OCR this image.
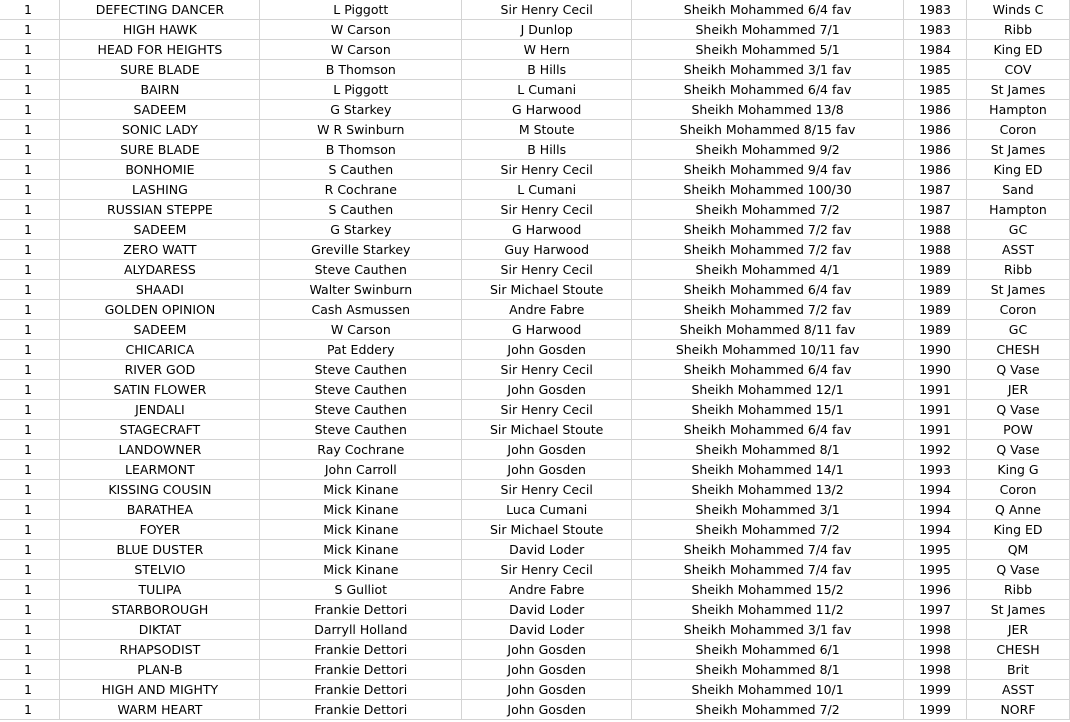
1	DEFECTING DANCER	L Piggott	Sir Henry Cecil	Sheikh Mohammed 6/4 fav	1983	Winds C
1	HIGH HAWK	W Carson	J Dunlop	Sheikh Mohammed 7/1	1983	Ribb
1	HEAD FOR HEIGHTS	W Carson	W Hern	Sheikh Mohammed 5/1	1984	King ED
1	SURE BLADE	B Thomson	B Hills	Sheikh Mohammed 3/1 fav	1985	COV
1	BAIRN	L Piggott	L Cumani	Sheikh Mohammed 6/4 fav	1985	St James
1	SADEEM	G Starkey	G Harwood	Sheikh Mohammed 13/8	1986	Hampton
1	SONIC LADY	W R Swinburn	M Stoute	Sheikh Mohammed 8/15 fav	1986	Coron
1	SURE BLADE	B Thomson	B Hills	Sheikh Mohammed 9/2	1986	St James
1	BONHOMIE	S Cauthen	Sir Henry Cecil	Sheikh Mohammed 9/4 fav	1986	King ED
1	LASHING	R Cochrane	L Cumani	Sheikh Mohammed 100/30	1987	Sand
1	RUSSIAN STEPPE	S Cauthen	Sir Henry Cecil	Sheikh Mohammed 7/2	1987	Hampton
1	SADEEM	G Starkey	G Harwood	Sheikh Mohammed 7/2 fav	1988	GC
1	ZERO WATT	Greville Starkey	Guy Harwood	Sheikh Mohammed 7/2 fav	1988	ASST
1	ALYDARESS	Steve Cauthen	Sir Henry Cecil	Sheikh Mohammed 4/1	1989	Ribb
1	SHAADI	Walter Swinburn	Sir Michael Stoute	Sheikh Mohammed 6/4 fav	1989	St James
1	GOLDEN OPINION	Cash Asmussen	Andre Fabre	Sheikh Mohammed 7/2 fav	1989	Coron
1	SADEEM	W Carson	G Harwood	Sheikh Mohammed 8/11 fav	1989	GC
1	CHICARICA	Pat Eddery	John Gosden	Sheikh Mohammed 10/11 fav	1990	CHESH
1	RIVER GOD	Steve Cauthen	Sir Henry Cecil	Sheikh Mohammed 6/4 fav	1990	Q Vase
1	SATIN FLOWER	Steve Cauthen	John Gosden	Sheikh Mohammed 12/1	1991	JER
1	JENDALI	Steve Cauthen	Sir Henry Cecil	Sheikh Mohammed 15/1	1991	Q Vase
1	STAGECRAFT	Steve Cauthen	Sir Michael Stoute	Sheikh Mohammed 6/4 fav	1991	POW
1	LANDOWNER	Ray Cochrane	John Gosden	Sheikh Mohammed 8/1	1992	Q Vase
1	LEARMONT	John Carroll	John Gosden	Sheikh Mohammed 14/1	1993	King G
1	KISSING COUSIN	Mick Kinane	Sir Henry Cecil	Sheikh Mohammed 13/2	1994	Coron
1	BARATHEA	Mick Kinane	Luca Cumani	Sheikh Mohammed 3/1	1994	Q Anne
1	FOYER	Mick Kinane	Sir Michael Stoute	Sheikh Mohammed 7/2	1994	King ED
1	BLUE DUSTER	Mick Kinane	David Loder	Sheikh Mohammed 7/4 fav	1995	QM
1	STELVIO	Mick Kinane	Sir Henry Cecil	Sheikh Mohammed 7/4 fav	1995	Q Vase
1	TULIPA	S Gulliot	Andre Fabre	Sheikh Mohammed 15/2	1996	Ribb
1	STARBOROUGH	Frankie Dettori	David Loder	Sheikh Mohammed 11/2	1997	St James
1	DIKTAT	Darryll Holland	David Loder	Sheikh Mohammed 3/1 fav	1998	JER
1	RHAPSODIST	Frankie Dettori	John Gosden	Sheikh Mohammed 6/1	1998	CHESH
1	PLAN-B	Frankie Dettori	John Gosden	Sheikh Mohammed 8/1	1998	Brit
1	HIGH AND MIGHTY	Frankie Dettori	John Gosden	Sheikh Mohammed 10/1	1999	ASST
1	WARM HEART	Frankie Dettori	John Gosden	Sheikh Mohammed 7/2	1999	NORF
